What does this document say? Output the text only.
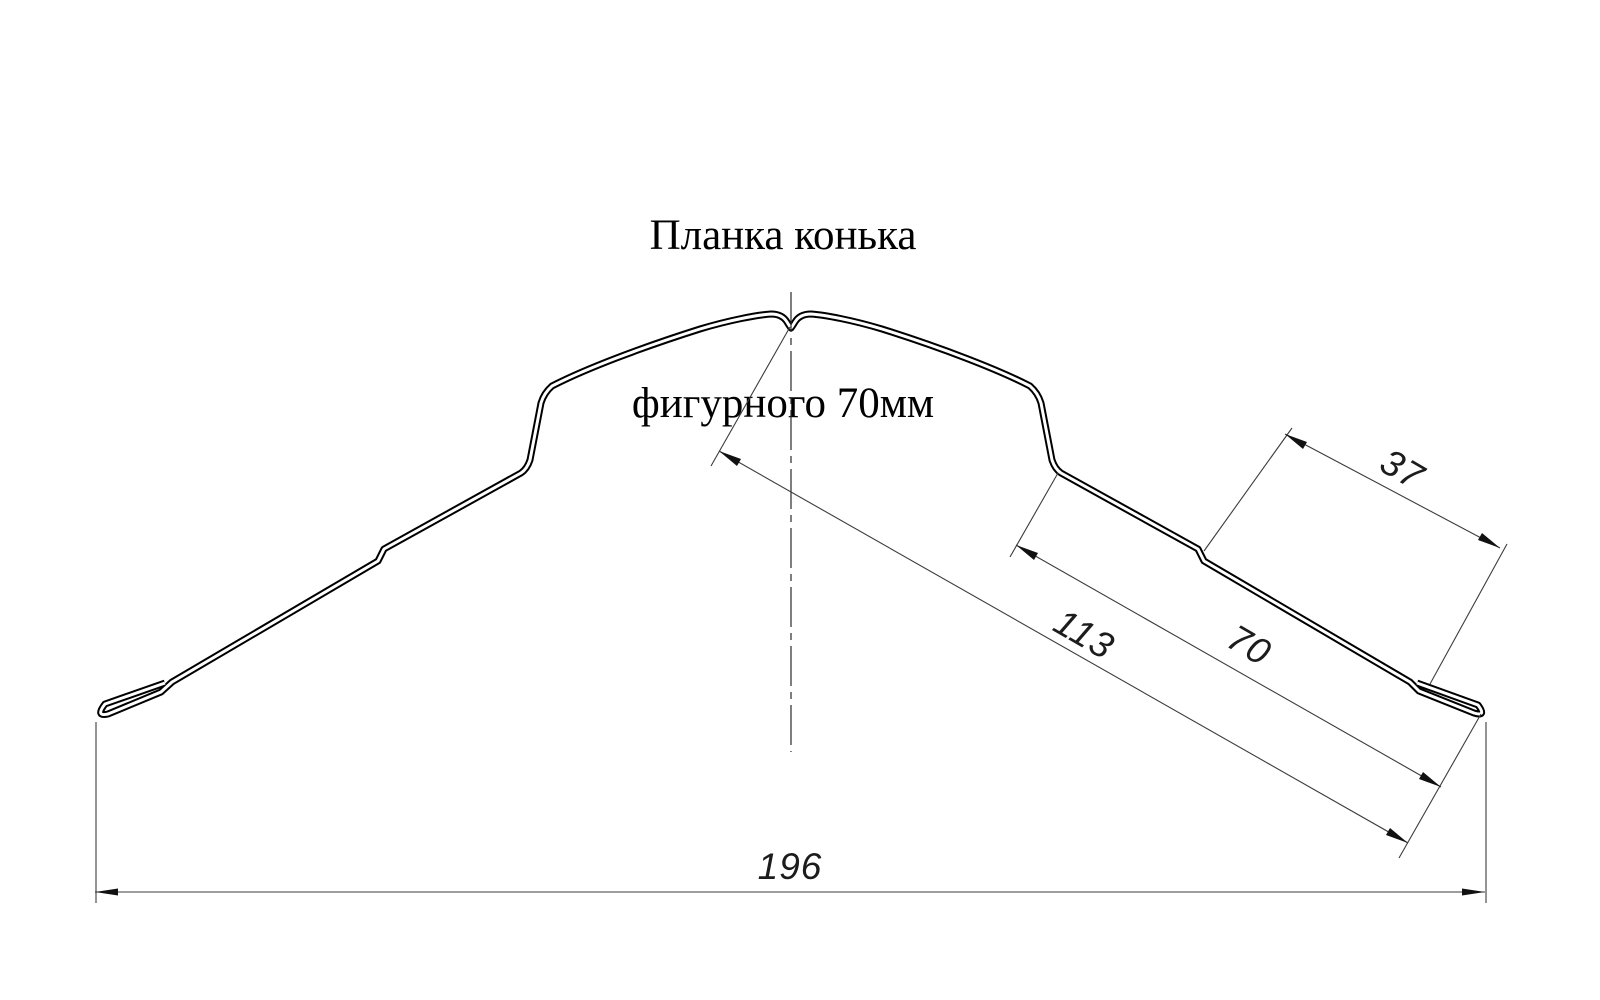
Планка конька

фигурного 70мм

113	70
37
196
